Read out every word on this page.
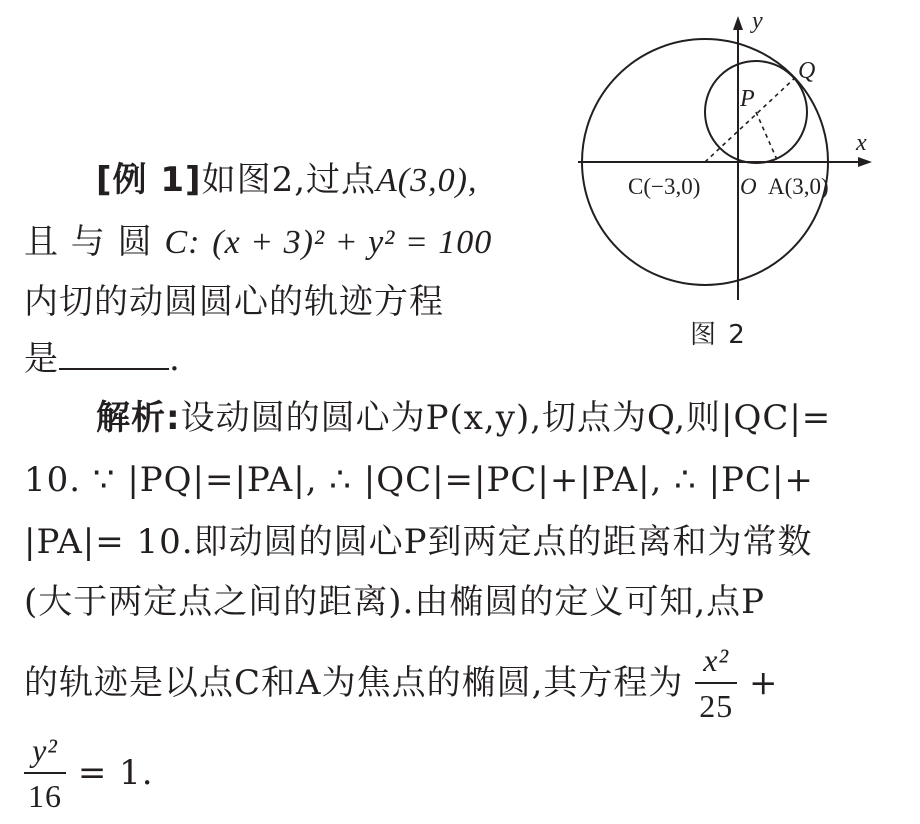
[例 1]如图2,过点A(3,0),
且 与 圆 C: (x + 3)² + y² = 100
内切的动圆圆心的轨迹方程
是	.
解析:设动圆的圆心为P(x,y),切点为Q,则|QC|=
10. ∵ |PQ|=|PA|, ∴ |QC|=|PC|+|PA|, ∴ |PC|+
|PA|= 10.即动圆的圆心P到两定点的距离和为常数
(大于两定点之间的距离).由椭圆的定义可知,点P
的轨迹是以点C和A为焦点的椭圆,其方程为 $\frac{\text{x²}}{25}$ +
$\frac{\text{y²}}{16} = 1$.
y
x
Q
P
C(−3,0) O A(3,0)
图 2
